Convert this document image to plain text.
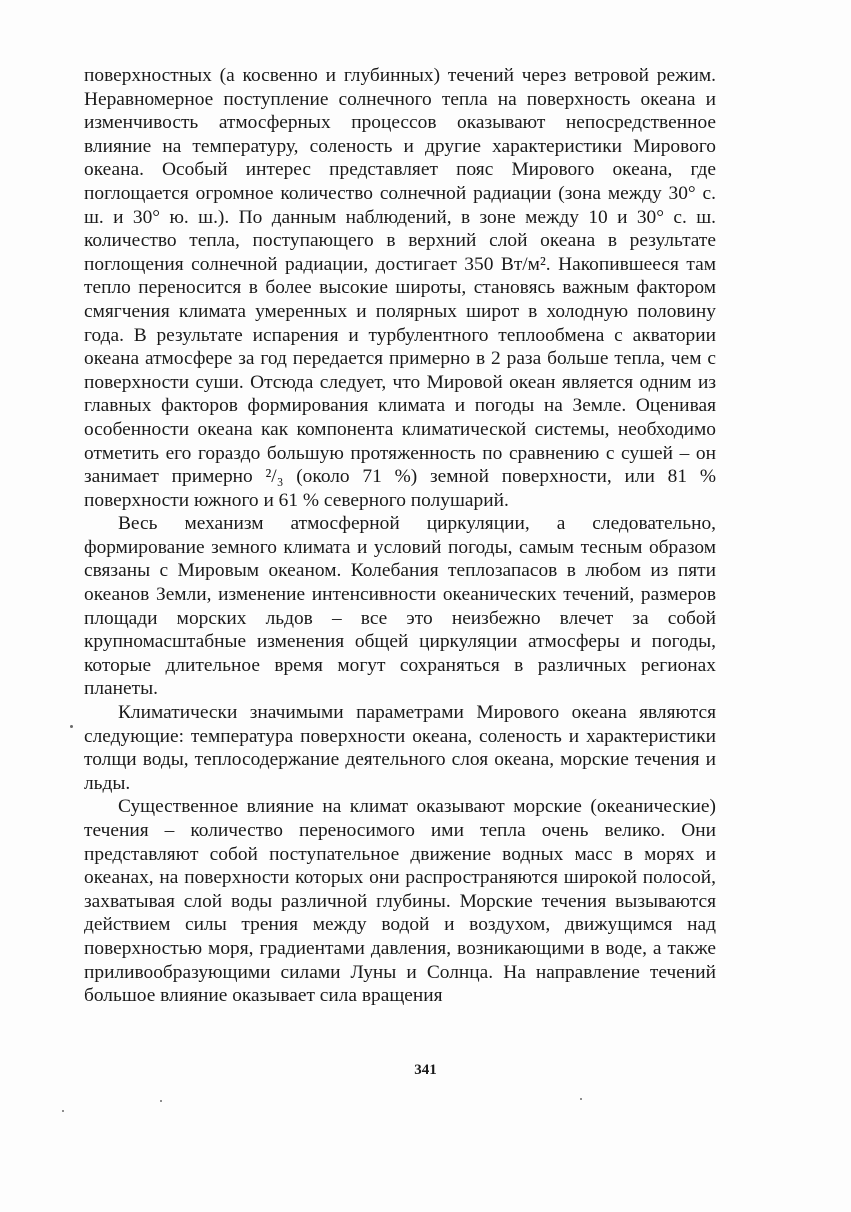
поверхностных (а косвенно и глубинных) течений через ветровой режим. Неравномерное поступление солнечного тепла на поверхность океана и изменчивость атмосферных процессов оказывают непосредственное влияние на температуру, соленость и другие характеристики Мирового океана. Особый интерес представляет пояс Мирового океана, где поглощается огромное количество солнечной радиации (зона между 30° с. ш. и 30° ю. ш.). По данным наблюдений, в зоне между 10 и 30° с. ш. количество тепла, поступающего в верхний слой океана в результате поглощения солнечной радиации, достигает 350 Вт/м². Накопившееся там тепло переносится в более высокие широты, становясь важным фактором смягчения климата умеренных и полярных широт в холодную половину года. В результате испарения и турбулентного теплообмена с акватории океана атмосфере за год передается примерно в 2 раза больше тепла, чем с поверхности суши. Отсюда следует, что Мировой океан является одним из главных факторов формирования климата и погоды на Земле. Оценивая особенности океана как компонента климатической системы, необходимо отметить его гораздо большую протяженность по сравнению с сушей – он занимает примерно ²/₃ (около 71 %) земной поверхности, или 81 % поверхности южного и 61 % северного полушарий.

Весь механизм атмосферной циркуляции, а следовательно, формирование земного климата и условий погоды, самым тесным образом связаны с Мировым океаном. Колебания теплозапасов в любом из пяти океанов Земли, изменение интенсивности океанических течений, размеров площади морских льдов – все это неизбежно влечет за собой крупномасштабные изменения общей циркуляции атмосферы и погоды, которые длительное время могут сохраняться в различных регионах планеты.

Климатически значимыми параметрами Мирового океана являются следующие: температура поверхности океана, соленость и характеристики толщи воды, теплосодержание деятельного слоя океана, морские течения и льды.

Существенное влияние на климат оказывают морские (океанические) течения – количество переносимого ими тепла очень велико. Они представляют собой поступательное движение водных масс в морях и океанах, на поверхности которых они распространяются широкой полосой, захватывая слой воды различной глубины. Морские течения вызываются действием силы трения между водой и воздухом, движущимся над поверхностью моря, градиентами давления, возникающими в воде, а также приливообразующими силами Луны и Солнца. На направление течений большое влияние оказывает сила вращения

341
